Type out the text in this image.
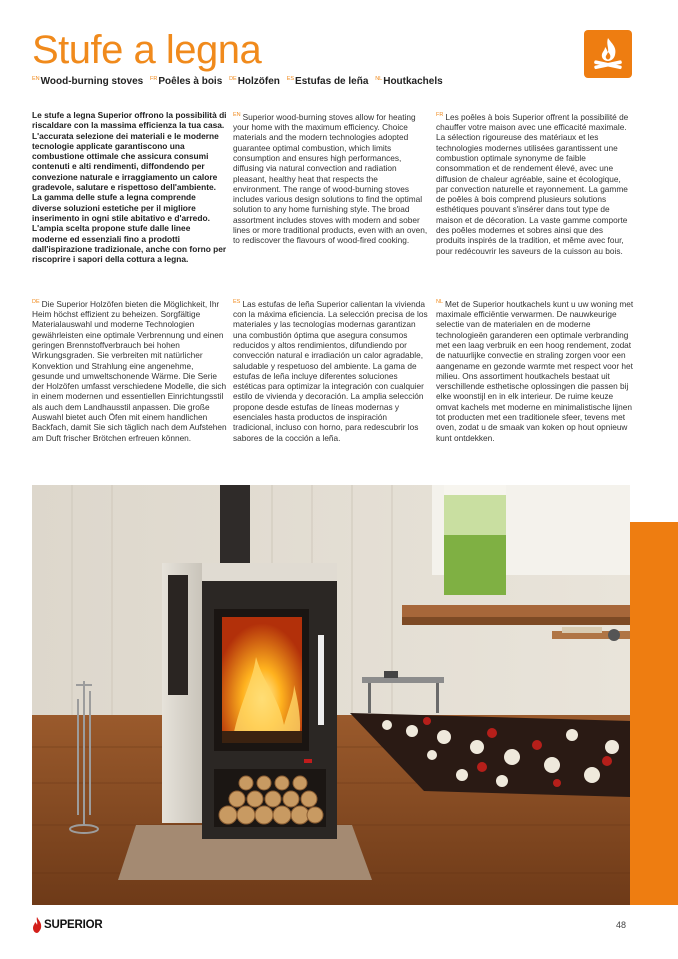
Stufe a legna
$^{EN}$Wood-burning stoves $^{FR}$Poêles à bois $^{DE}$Holzöfen $^{ES}$Estufas de leña $^{NL}$Houtkachels
Le stufe a legna Superior offrono la possibilità di riscaldare con la massima efficienza la tua casa. L'accurata selezione dei materiali e le moderne tecnologie applicate garantiscono una combustione ottimale che assicura consumi contenuti e alti rendimenti, diffondendo per convezione naturale e irraggiamento un calore gradevole, salutare e rispettoso dell'ambiente. La gamma delle stufe a legna comprende diverse soluzioni estetiche per il migliore inserimento in ogni stile abitativo e d'arredo. L'ampia scelta propone stufe dalle linee moderne ed essenziali fino a prodotti dall'ispirazione tradizionale, anche con forno per riscoprire i sapori della cottura a legna.
$^{EN}$ Superior wood-burning stoves allow for heating your home with the maximum efficiency. Choice materials and the modern technologies adopted guarantee optimal combustion, which limits consumption and ensures high performances, diffusing via natural convection and radiation pleasant, healthy heat that respects the environment. The range of wood-burning stoves includes various design solutions to find the optimal solution to any home furnishing style. The broad assortment includes stoves with modern and sober lines or more traditional products, even with an oven, to rediscover the flavours of wood-fired cooking.
$^{FR}$ Les poêles à bois Superior offrent la possibilité de chauffer votre maison avec une efficacité maximale. La sélection rigoureuse des matériaux et les technologies modernes utilisées garantissent une combustion optimale synonyme de faible consommation et de rendement élevé, avec une diffusion de chaleur agréable, saine et écologique, par convection naturelle et rayonnement. La gamme de poêles à bois comprend plusieurs solutions esthétiques pouvant s'insérer dans tout type de maison et de décoration. La vaste gamme comporte des poêles modernes et sobres ainsi que des produits inspirés de la tradition, et même avec four, pour redécouvrir les saveurs de la cuisson au bois.
$^{DE}$ Die Superior Holzöfen bieten die Möglichkeit, Ihr Heim höchst effizient zu beheizen. Sorgfältige Materialauswahl und moderne Technologien gewährleisten eine optimale Verbrennung und einen geringen Brennstoffverbrauch bei hohen Wirkungsgraden. Sie verbreiten mit natürlicher Konvektion und Strahlung eine angenehme, gesunde und umweltschonende Wärme. Die Serie der Holzöfen umfasst verschiedene Modelle, die sich in einem modernen und essentiellen Einrichtungsstil als auch dem Landhausstil anpassen. Die große Auswahl bietet auch Öfen mit einem handlichen Backfach, damit Sie sich täglich nach dem Aufstehen am Duft frischer Brötchen erfreuen können.
$^{ES}$ Las estufas de leña Superior calientan la vivienda con la máxima eficiencia. La selección precisa de los materiales y las tecnologías modernas garantizan una combustión óptima que asegura consumos reducidos y altos rendimientos, difundiendo por convección natural e irradiación un calor agradable, saludable y respetuoso del ambiente. La gama de estufas de leña incluye diferentes soluciones estéticas para optimizar la integración con cualquier estilo de vivienda y decoración. La amplia selección propone desde estufas de líneas modernas y esenciales hasta productos de inspiración tradicional, incluso con horno, para redescubrir los sabores de la cocción a leña.
$^{NL}$ Met de Superior houtkachels kunt u uw woning met maximale efficiëntie verwarmen. De nauwkeurige selectie van de materialen en de moderne technologieën garanderen een optimale verbranding met een laag verbruik en een hoog rendement, zodat de natuurlijke convectie en straling zorgen voor een aangename en gezonde warmte met respect voor het milieu. Ons assortiment houtkachels bestaat uit verschillende esthetische oplossingen die passen bij elke woonstijl en in elk interieur. De ruime keuze omvat kachels met moderne en minimalistische lijnen tot producten met een traditionele sfeer, tevens met oven, zodat u de smaak van koken op hout opnieuw kunt ontdekken.
SUPERIOR	48
